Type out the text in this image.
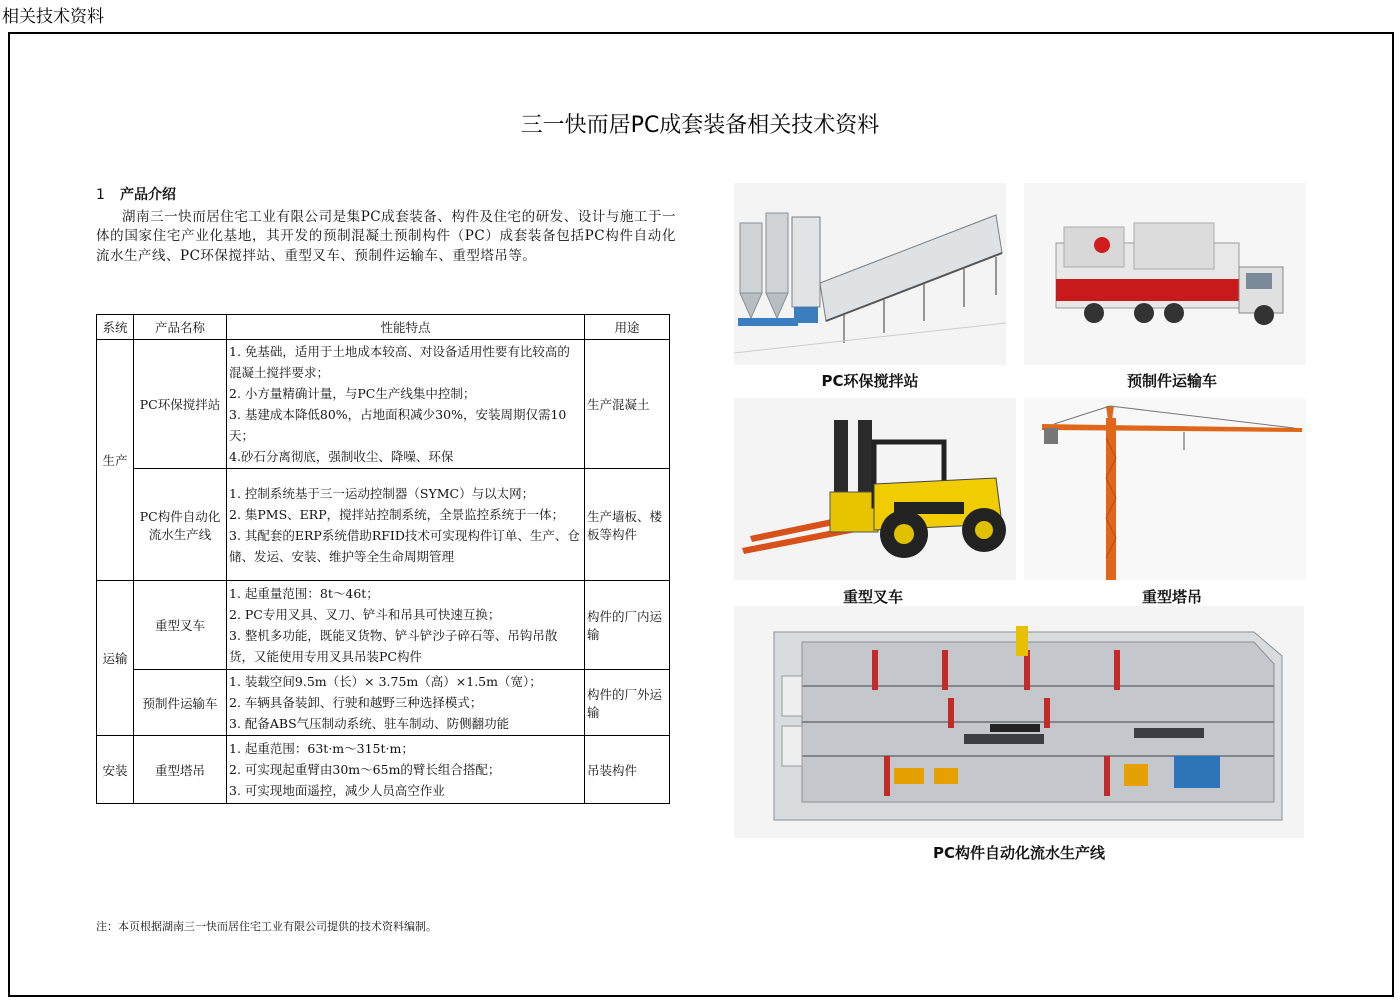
相关技术资料
三一快而居PC成套装备相关技术资料
1 产品介绍
湖南三一快而居住宅工业有限公司是集PC成套装备、构件及住宅的研发、设计与施工于一体的国家住宅产业化基地，其开发的预制混凝土预制构件（PC）成套装备包括PC构件自动化流水生产线、PC环保搅拌站、重型叉车、预制件运输车、重型塔吊等。
系统	产品名称	性能特点	用途
生产	PC环保搅拌站	1. 免基础，适用于土地成本较高、对设备适用性要有比较高的混凝土搅拌要求；
2. 小方量精确计量，与PC生产线集中控制；
3. 基建成本降低80%，占地面积减少30%，安装周期仅需10天；
4.砂石分离彻底，强制收尘、降噪、环保	生产混凝土
	PC构件自动化流水生产线	1. 控制系统基于三一运动控制器（SYMC）与以太网；
2. 集PMS、ERP，搅拌站控制系统，全景监控系统于一体；
3. 其配套的ERP系统借助RFID技术可实现构件订单、生产、仓储、发运、安装、维护等全生命周期管理	生产墙板、楼板等构件
运输	重型叉车	1. 起重量范围：8t～46t；
2. PC专用叉具、叉刀、铲斗和吊具可快速互换；
3. 整机多功能，既能叉货物、铲斗铲沙子碎石等、吊钩吊散货，又能使用专用叉具吊装PC构件	构件的厂内运输
	预制件运输车	1. 装载空间9.5m（长）× 3.75m（高）×1.5m（宽）；
2. 车辆具备装卸、行驶和越野三种选择模式；
3. 配备ABS气压制动系统、驻车制动、防侧翻功能	构件的厂外运输
安装	重型塔吊	1. 起重范围：63t·m～315t·m；
2. 可实现起重臂由30m～65m的臂长组合搭配；
3. 可实现地面遥控，减少人员高空作业	吊装构件
PC环保搅拌站	预制件运输车
重型叉车	重型塔吊
PC构件自动化流水生产线
注：本页根据湖南三一快而居住宅工业有限公司提供的技术资料编制。
